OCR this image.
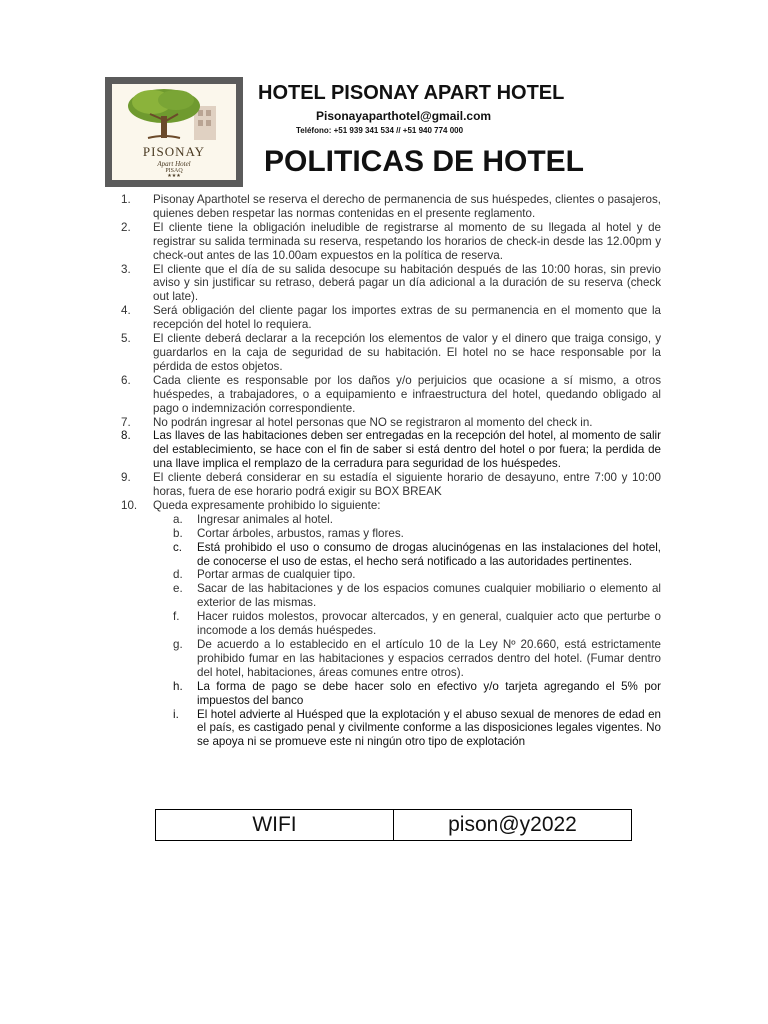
PISONAY
Apart Hotel
PISAQ
★★★
HOTEL PISONAY APART HOTEL
Pisonayaparthotel@gmail.com
Teléfono: +51 939 341 534 // +51 940 774 000
POLITICAS DE HOTEL
1.	Pisonay Aparthotel se reserva el derecho de permanencia de sus huéspedes, clientes o pasajeros, quienes deben respetar las normas contenidas en el presente reglamento.
2.	El cliente tiene la obligación ineludible de registrarse al momento de su llegada al hotel y de registrar su salida terminada su reserva, respetando los horarios de check-in desde las 12.00pm y check-out antes de las 10.00am expuestos en la política de reserva.
3.	El cliente que el día de su salida desocupe su habitación después de las 10:00 horas, sin previo aviso y sin justificar su retraso, deberá pagar un día adicional a la duración de su reserva (check out late).
4.	Será obligación del cliente pagar los importes extras de su permanencia en el momento que la recepción del hotel lo requiera.
5.	El cliente deberá declarar a la recepción los elementos de valor y el dinero que traiga consigo, y guardarlos en la caja de seguridad de su habitación. El hotel no se hace responsable por la pérdida de estos objetos.
6.	Cada cliente es responsable por los daños y/o perjuicios que ocasione a sí mismo, a otros huéspedes, a trabajadores, o a equipamiento e infraestructura del hotel, quedando obligado al pago o indemnización correspondiente.
7.	No podrán ingresar al hotel personas que NO se registraron al momento del check in.
8.	Las llaves de las habitaciones deben ser entregadas en la recepción del hotel, al momento de salir del establecimiento, se hace con el fin de saber si está dentro del hotel o por fuera; la perdida de una llave implica el remplazo de la cerradura para seguridad de los huéspedes.
9.	El cliente deberá considerar en su estadía el siguiente horario de desayuno, entre 7:00 y 10:00 horas, fuera de ese horario podrá exigir su BOX BREAK
10.	Queda expresamente prohibido lo siguiente:
a.	Ingresar animales al hotel.
b.	Cortar árboles, arbustos, ramas y flores.
c.	Está prohibido el uso o consumo de drogas alucinógenas en las instalaciones del hotel, de conocerse el uso de estas, el hecho será notificado a las autoridades pertinentes.
d.	Portar armas de cualquier tipo.
e.	Sacar de las habitaciones y de los espacios comunes cualquier mobiliario o elemento al exterior de las mismas.
f.	Hacer ruidos molestos, provocar altercados, y en general, cualquier acto que perturbe o incomode a los demás huéspedes.
g.	De acuerdo a lo establecido en el artículo 10 de la Ley Nº 20.660, está estrictamente prohibido fumar en las habitaciones y espacios cerrados dentro del hotel. (Fumar dentro del hotel, habitaciones, áreas comunes entre otros).
h.	La forma de pago se debe hacer solo en efectivo y/o tarjeta agregando el 5% por impuestos del banco
i.	El hotel advierte al Huésped que la explotación y el abuso sexual de menores de edad en el país, es castigado penal y civilmente conforme a las disposiciones legales vigentes. No se apoya ni se promueve este ni ningún otro tipo de explotación
WIFI	pison@y2022
